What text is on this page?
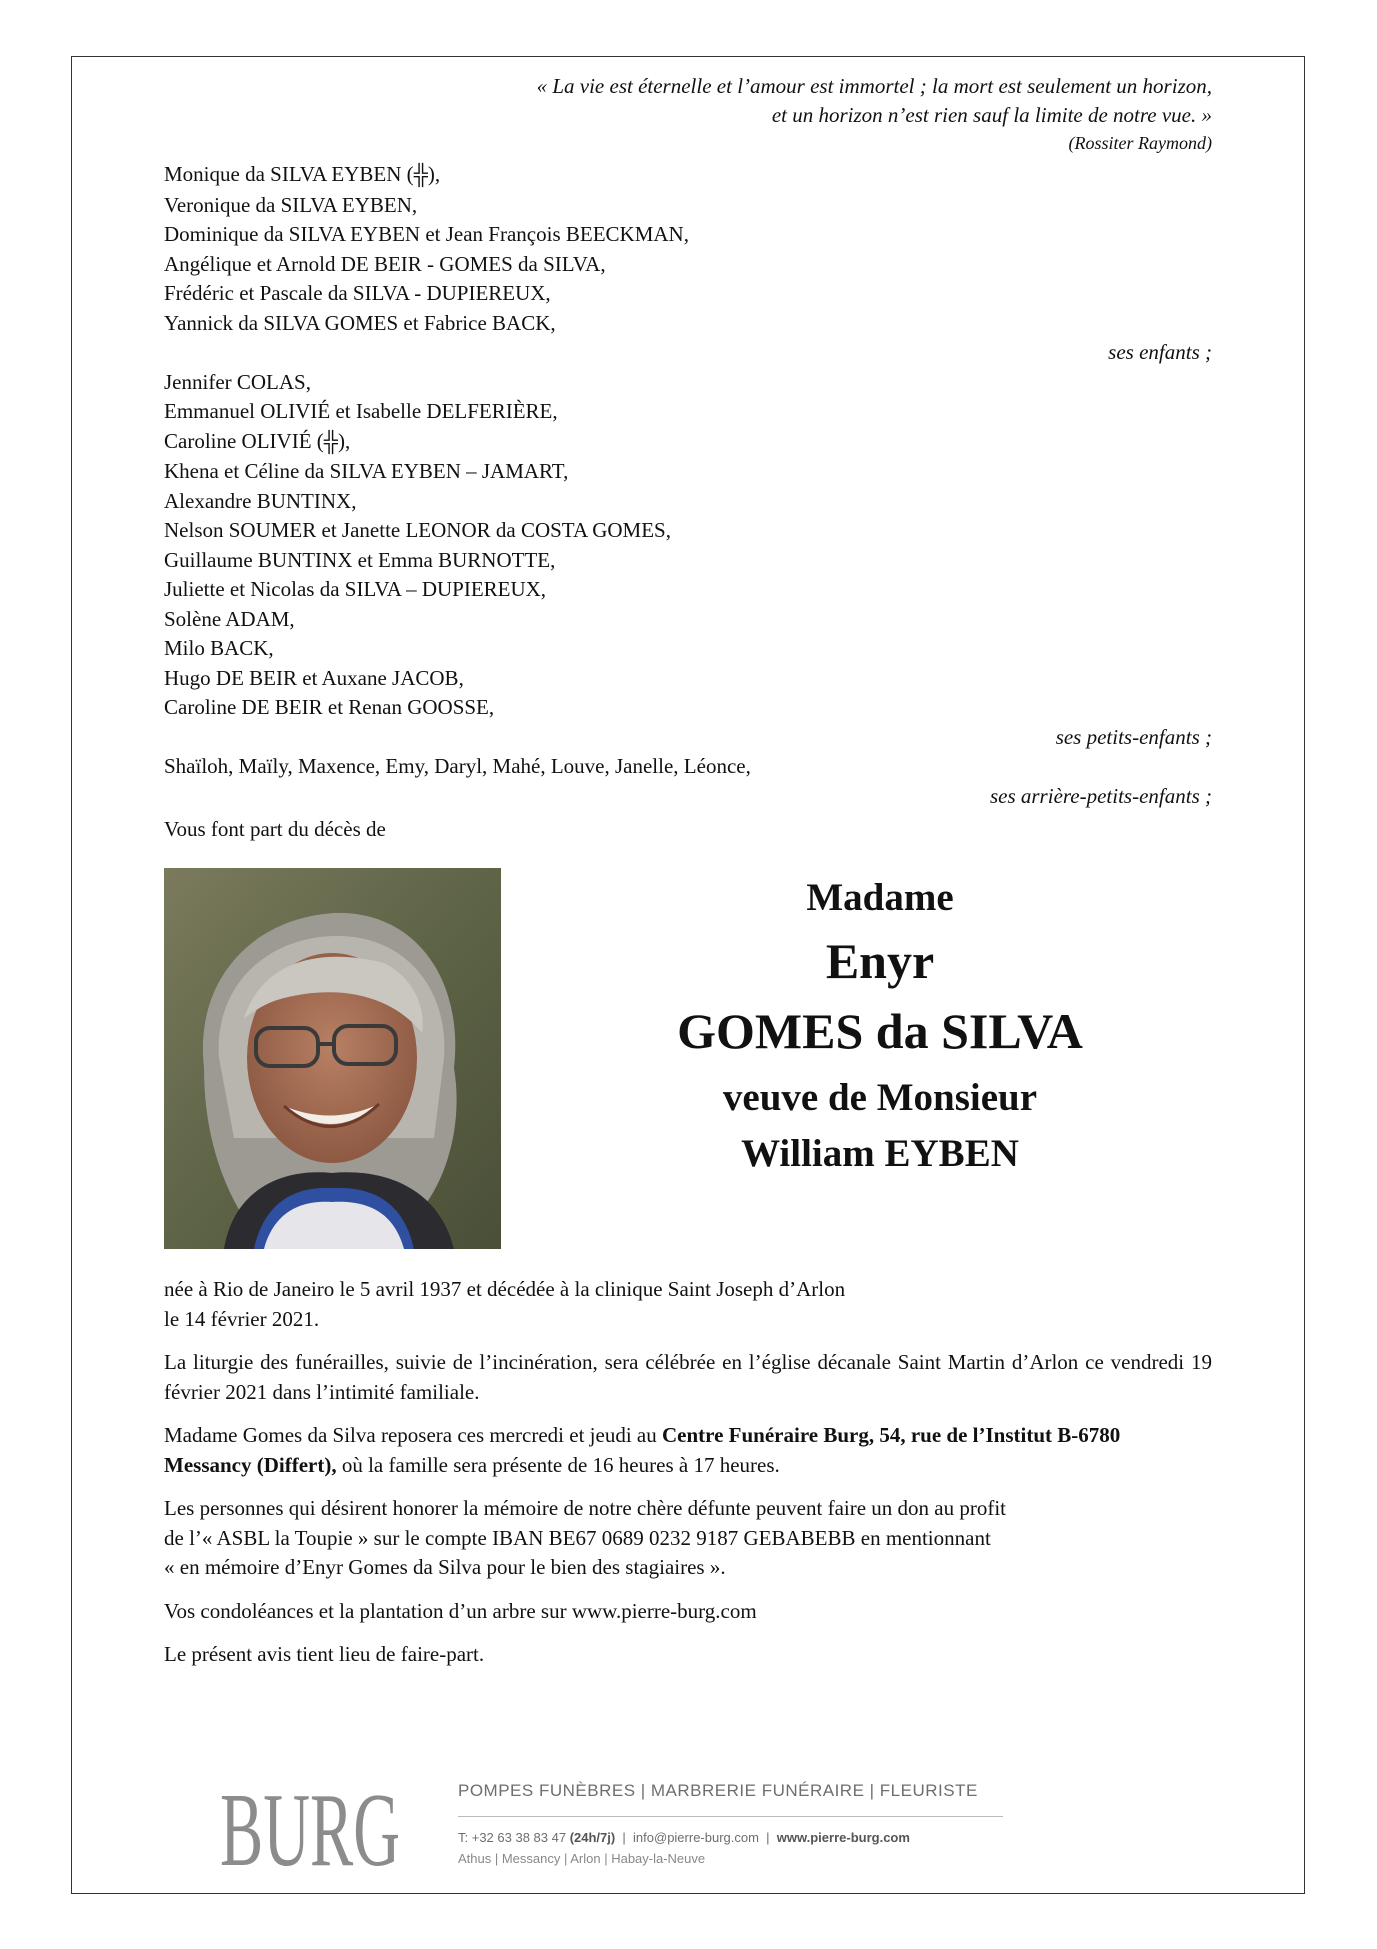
« La vie est éternelle et l’amour est immortel ; la mort est seulement un horizon,
et un horizon n’est rien sauf la limite de notre vue. »
(Rossiter Raymond)
Monique da SILVA EYBEN (╬),
Veronique da SILVA EYBEN,
Dominique da SILVA EYBEN et Jean François BEECKMAN,
Angélique et Arnold DE BEIR - GOMES da SILVA,
Frédéric et Pascale da SILVA - DUPIEREUX,
Yannick da SILVA GOMES et Fabrice BACK,
ses enfants ;
Jennifer COLAS,
Emmanuel OLIVIÉ et Isabelle DELFERIÈRE,
Caroline OLIVIÉ (╬),
Khena et Céline da SILVA EYBEN – JAMART,
Alexandre BUNTINX,
Nelson SOUMER et Janette LEONOR da COSTA GOMES,
Guillaume BUNTINX et Emma BURNOTTE,
Juliette et Nicolas da SILVA – DUPIEREUX,
Solène ADAM,
Milo BACK,
Hugo DE BEIR et Auxane JACOB,
Caroline DE BEIR et Renan GOOSSE,
ses petits-enfants ;
Shaïloh, Maïly, Maxence, Emy, Daryl, Mahé, Louve, Janelle, Léonce,
ses arrière-petits-enfants ;
Vous font part du décès de
Madame
Enyr
GOMES da SILVA
veuve de Monsieur
William EYBEN

née à Rio de Janeiro le 5 avril 1937 et décédée à la clinique Saint Joseph d’Arlon
le 14 février 2021.

La liturgie des funérailles, suivie de l’incinération, sera célébrée en l’église décanale Saint Martin d’Arlon ce vendredi 19 février 2021 dans l’intimité familiale.

Madame Gomes da Silva reposera ces mercredi et jeudi au Centre Funéraire Burg, 54, rue de l’Institut B-6780 Messancy (Differt), où la famille sera présente de 16 heures à 17 heures.

Les personnes qui désirent honorer la mémoire de notre chère défunte peuvent faire un don au profit
de l’« ASBL la Toupie » sur le compte IBAN BE67 0689 0232 9187 GEBABEBB en mentionnant
« en mémoire d’Enyr Gomes da Silva pour le bien des stagiaires ».

Vos condoléances et la plantation d’un arbre sur www.pierre-burg.com

Le présent avis tient lieu de faire-part.

BURG	POMPES FUNÈBRES | MARBRERIE FUNÉRAIRE | FLEURISTE
T: +32 63 38 83 47 (24h/7j)  |  info@pierre-burg.com  |  www.pierre-burg.com
Athus | Messancy | Arlon | Habay-la-Neuve
